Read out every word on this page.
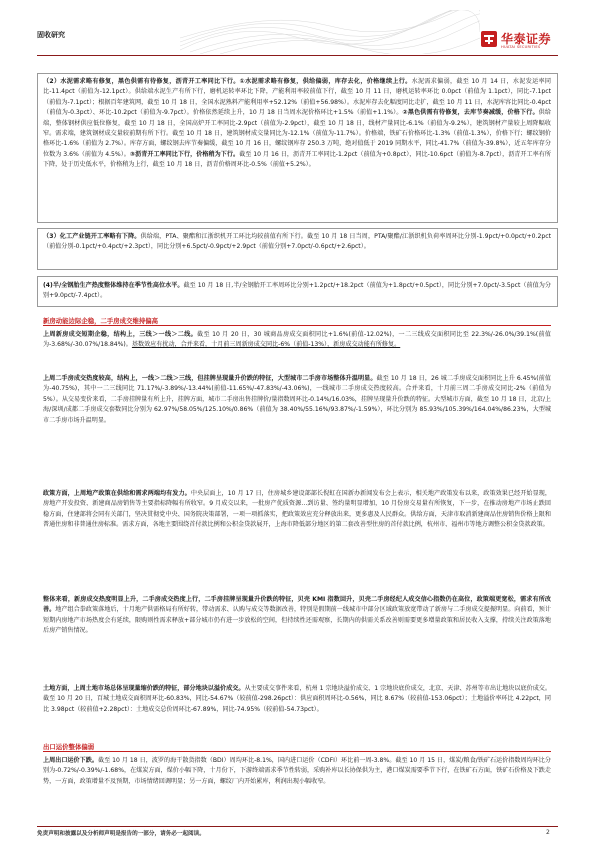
固收研究	华泰证券
HUATAI SECURITIES

（2）水泥需求略有修复，黑色供需有待修复，沥青开工率同比下行。①水泥需求略有修复，供给偏弱，库存去化，价格继续上行。水泥需求偏弱，截至 10 月 14 日，水泥发运率同比-11.4pct（前值为-12.1pct）。供给端水泥生产有所下行，磨机运转率环比下降，产能利用率较前值下行，截至 10 月 11 日，磨机运转率环比 0.0pct（前值为 1.1pct），同比-7.1pct（前值为-7.1pct）；根据百年建筑网，截至 10 月 18 日，全国水泥熟料产能利用率+52.12%（前值+56.98%）。水泥库存去化幅度同比走扩，截至 10 月 11 日，水泥库容比同比-0.4pct（前值为-0.3pct）、环比-10.2pct（前值为-9.7pct）。价格依然延续上升，10 月 18 日当周水泥价格环比+1.5%（前值+1.1%）。②黑色供需有待修复，去库节奏减缓，价格下行。供给端，整体钢材供应低位修复，截至 10 月 18 日，全国高炉开工率同比-2.9pct（前值为-2.9pct），截至 10 月 18 日，线材产量同比-6.1%（前值为-9.2%），建筑钢材产量较上周降幅收窄。需求端，建筑钢材成交量较前期有所下行。截至 10 月 18 日，建筑钢材成交量同比为-12.1%（前值为-11.7%）。价格端，铁矿石价格环比-1.3%（前值-1.3%），价格下行；螺纹钢价格环比-1.6%（前值为 2.7%）。库存方面，螺纹钢去库节奏偏缓，截至 10 月 16 日，螺纹钢库存 250.3 万吨，绝对值低于 2019 同期水平，同比-41.7%（前值为-39.8%），近五年库存分位数为 3.6%（前值为 4.5%）。③沥青开工率同比下行，价格稍为下行。截至 10 月 16 日，沥青开工率同比-1.2pct（前值为+0.8pct），同比-10.6pct（前值为-8.7pct），沥青开工率有所下降，处于历史低水平，价格稍为上行，截至 10 月 18 日，沥青价格周环比-0.5%（前值+5.2%）。

（3）化工产业链开工率略有下降。供给端，PTA、聚酯和江浙织机开工环比均较前值有所下行。截至 10 月 18 日当周，PTA/聚酯/江浙织机负荷率周环比分别-1.9pct/+0.0pct/+0.2pct（前值分别-0.1pct/+0.4pct/+2.3pct），同比分别+6.5pct/-0.9pct/+2.9pct（前值分别+7.0pct/-0.6pct/+2.6pct）。

(4)半/全钢胎生产热度整体维持在季节性高位水平。截至 10 月 18 日,半/全钢胎开工率周环比分别+1.2pct/+18.2pct（前值为+1.8pct/+0.5pct），同比分别+7.0pct/-3.5pct（前值为分别+9.0pct/-7.4pct）。

新房动能边际企稳，二手房成交维持偏高

上周新房成交短期企稳，结构上，三线＞一线＞二线。截至 10 月 20 日，30 城商品房成交面积同比+1.6%(前值-12.02%)，一二三线成交面积同比至 22.3%/-26.0%/39.1%(前值为-3.68%/-30.07%/18.84%)。基数效应有扰动，合并来看，十月前三周新房成交同比-6%（前值-13%），新房成交动能有所修复。

上周二手房成交热度较高，结构上，一线＞二线＞三线，但挂牌呈现量升价跌的特征，大型城市二手房市场整体升温明显。截至 10 月 18 日，26 城二手房成交面积同比上升 6.45%(前值为-40.75%)，其中一二三线同比 71.17%/-3.89%/-13.44%(前值-11.65%/-47.83%/-43.06%)，一线城市二手房成交热度较高。合并来看，十月前三周二手房成交同比-2%（前值为 5%）。从交易变价来看，二手房挂牌量有所上升，挂牌方面，城市二手房出售挂牌价/量指数周环比-0.14%/16.03%，挂牌呈现量升价跌的特征。大型城市方面，截至 10 月 18 日，北京/上海/深圳/成都二手房成交套数同比分别为 62.97%/58.05%/125.10%/0.86%（前值为 38.40%/55.16%/93.87%/-1.59%），环比分别为 85.93%/105.39%/164.04%/86.23%，大型城市二手房市场升温明显。

政策方面，上周地产政策在供给和需求两端均有发力。中央层面上，10 月 17 日，住房城乡建设部部长倪虹在国新办新闻发布会上表示，相关地产政策发布以来，政策效果已经开始显现，房地产开发投资、新建商品房销售等主要指标降幅有所收窄。9 月成交以来，一批房产优质资源…到访量、签约量明显增加，10 月份房交易量有所恢复，下一步，在推动房地产市场止跌回稳方面，住建部将会同有关部门，坚决贯彻党中央、国务院决策部署，一项一项抓落实，把政策效应充分释放出来，更多惠及人民群众。供给方面，天津市取消新建商品住房销售价格上限和普通住房和非普通住房标准。需求方面，各地主要围绕首付款比例和公积金贷款展开，上海市降低部分地区的第二套改善型住房的首付款比例，杭州市、福州市等地方调整公积金贷款政策。

整体来看，新房成交热度明显上升，二手房成交热度上行，二手房挂牌呈现量升价跌的特征，贝壳 KMI 指数回升，贝壳二手房经纪人成交信心指数仍在高位，政策端更宽松，需求有所改善。地产组合拳政策落地后，十月地产供需格局有所好转，带动需求、认购与成交等数据改善，特别是假期前一线城市中部分区域政策放宽带动了新房与二手房成交提振明显。向前看，预计短期内房地产市场热度会有延续，限购则性需求释放+部分城市仍有进一步放松的空间，但持续性还需观察，长期内的供需关系改善则需要更多增量政策和居民收入支撑，持续关注政策落地后房产销售情况。

土地方面，上周土地市场总体呈现量缩价跌的特征，部分地块以溢价成交。从主要成交事件来看，杭州 1 宗地块溢价成交、1 宗地块底价成交，北京、天津、苏州等市出让地块以底价成交。截至 10 月 20 日，百城土地成交面积周环比-60.83%，同比-54.67%（较前值-298.26pct）：供应面积周环比-0.56%，同比 8.67%（较前值-153.06pct）；土地溢价率环比 4.22pct，同比 3.98pct（较前值+2.28pct）：土地成交总价周环比-67.89%，同比-74.95%（较前值-54.73pct）。

出口运价整体偏弱

上周出口运价下跌。截至 10 月 18 日，波罗的海干散货指数（BDI）周均环比-8.1%，国内进口运价（CDFI）环比前一周-3.8%。截至 10 月 15 日，煤炭/粮食/铁矿石运价指数周均环比分别为-0.72%/-0.39%/-1.68%，在煤炭方面，煤价小幅下降，十月份下，下游终端需求季节性转弱，采购补库以长协保供为主，港口煤炭需要季节下行，在铁矿石方面，铁矿石价格及下跌走势，一方面，政策增量不及预期，市场情绪回调明显；另一方面，螺纹厂内开始累库，利润出现小幅收窄。

免责声明和披露以及分析师声明是报告的一部分，请务必一起阅读。	2
